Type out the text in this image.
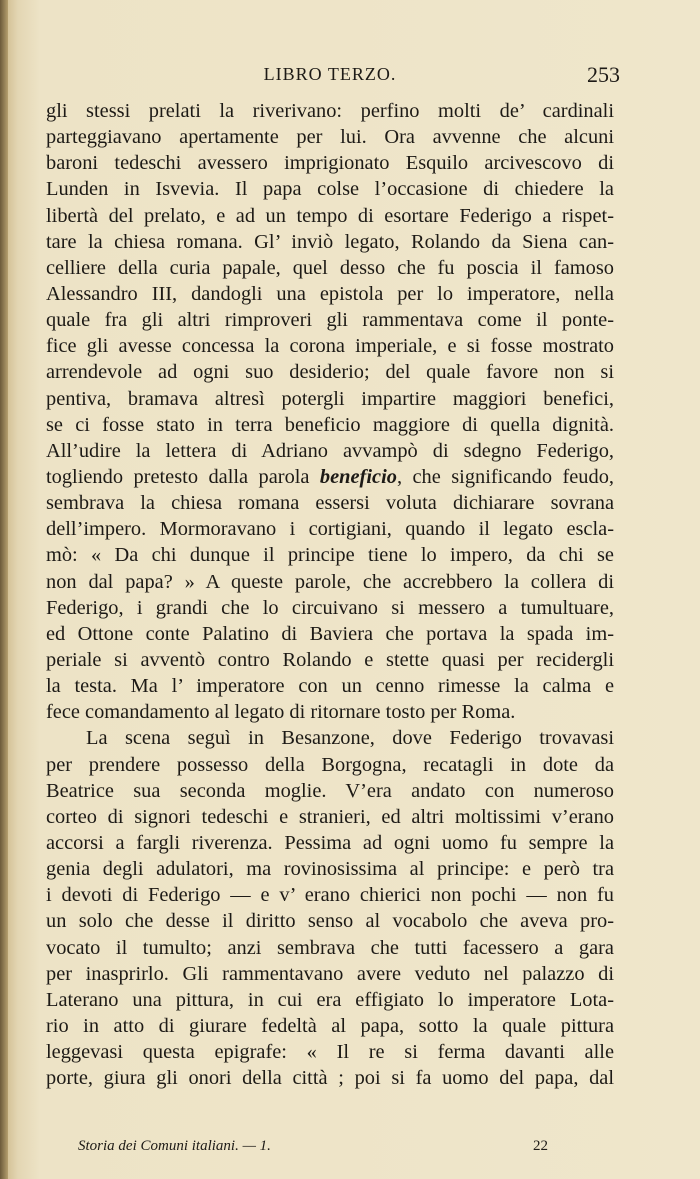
LIBRO TERZO.	253
gli stessi prelati la riverivano: perfino molti de’ cardinali
parteggiavano apertamente per lui. Ora avvenne che alcuni
baroni tedeschi avessero imprigionato Esquilo arcivescovo di
Lunden in Isvevia. Il papa colse l’occasione di chiedere la
libertà del prelato, e ad un tempo di esortare Federigo a rispet-
tare la chiesa romana. Gl’ inviò legato, Rolando da Siena can-
celliere della curia papale, quel desso che fu poscia il famoso
Alessandro III, dandogli una epistola per lo imperatore, nella
quale fra gli altri rimproveri gli rammentava come il ponte-
fice gli avesse concessa la corona imperiale, e si fosse mostrato
arrendevole ad ogni suo desiderio; del quale favore non si
pentiva, bramava altresì potergli impartire maggiori benefici,
se ci fosse stato in terra beneficio maggiore di quella dignità.
All’udire la lettera di Adriano avvampò di sdegno Federigo,
togliendo pretesto dalla parola beneficio, che significando feudo,
sembrava la chiesa romana essersi voluta dichiarare sovrana
dell’impero. Mormoravano i cortigiani, quando il legato escla-
mò: « Da chi dunque il principe tiene lo impero, da chi se
non dal papa? » A queste parole, che accrebbero la collera di
Federigo, i grandi che lo circuivano si messero a tumultuare,
ed Ottone conte Palatino di Baviera che portava la spada im-
periale si avventò contro Rolando e stette quasi per recidergli
la testa. Ma l’ imperatore con un cenno rimesse la calma e
fece comandamento al legato di ritornare tosto per Roma.
La scena seguì in Besanzone, dove Federigo trovavasi
per prendere possesso della Borgogna, recatagli in dote da
Beatrice sua seconda moglie. V’era andato con numeroso
corteo di signori tedeschi e stranieri, ed altri moltissimi v’erano
accorsi a fargli riverenza. Pessima ad ogni uomo fu sempre la
genia degli adulatori, ma rovinosissima al principe: e però tra
i devoti di Federigo — e v’ erano chierici non pochi — non fu
un solo che desse il diritto senso al vocabolo che aveva pro-
vocato il tumulto; anzi sembrava che tutti facessero a gara
per inasprirlo. Gli rammentavano avere veduto nel palazzo di
Laterano una pittura, in cui era effigiato lo imperatore Lota-
rio in atto di giurare fedeltà al papa, sotto la quale pittura
leggevasi questa epigrafe: « Il re si ferma davanti alle
porte, giura gli onori della città ; poi si fa uomo del papa, dal
Storia dei Comuni italiani. — 1.	22
